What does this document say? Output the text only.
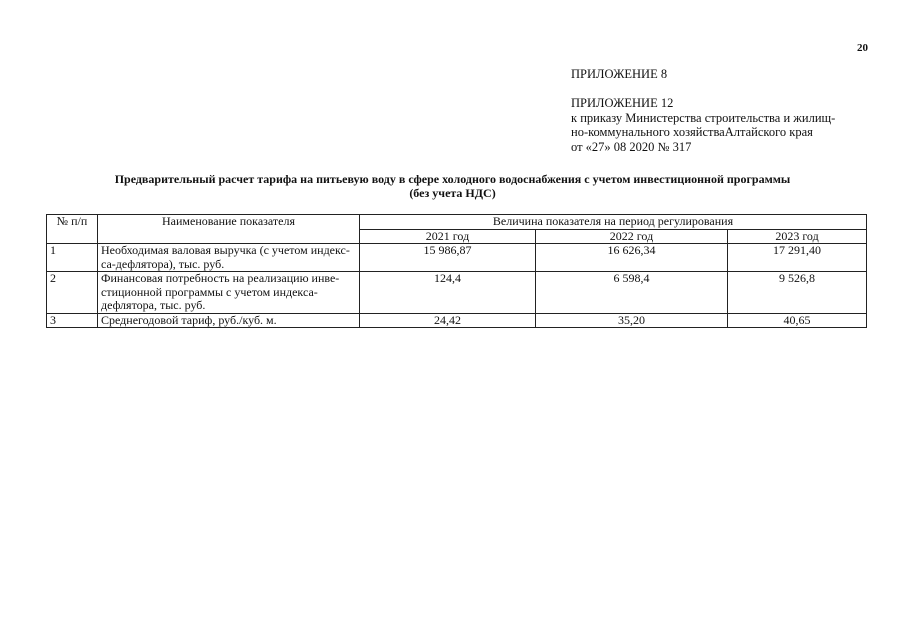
20
ПРИЛОЖЕНИЕ 8
ПРИЛОЖЕНИЕ 12
к приказу Министерства строительства и жилищ-
но-коммунального хозяйстваАлтайского края
от «27» 08 2020 № 317
Предварительный расчет тарифа на питьевую воду в сфере холодного водоснабжения с учетом инвестиционной программы
(без учета НДС)
№ п/п	Наименование показателя	Величина показателя на период регулирования		
		2021 год	2022 год	2023 год
1	Необходимая валовая выручка (с учетом индекс-са-дефлятора), тыс. руб.	15 986,87	16 626,34	17 291,40
2	Финансовая потребность на реализацию инве-стиционной программы с учетом индекса-дефлятора, тыс. руб.	124,4	6 598,4	9 526,8
3	Среднегодовой тариф, руб./куб. м.	24,42	35,20	40,65
